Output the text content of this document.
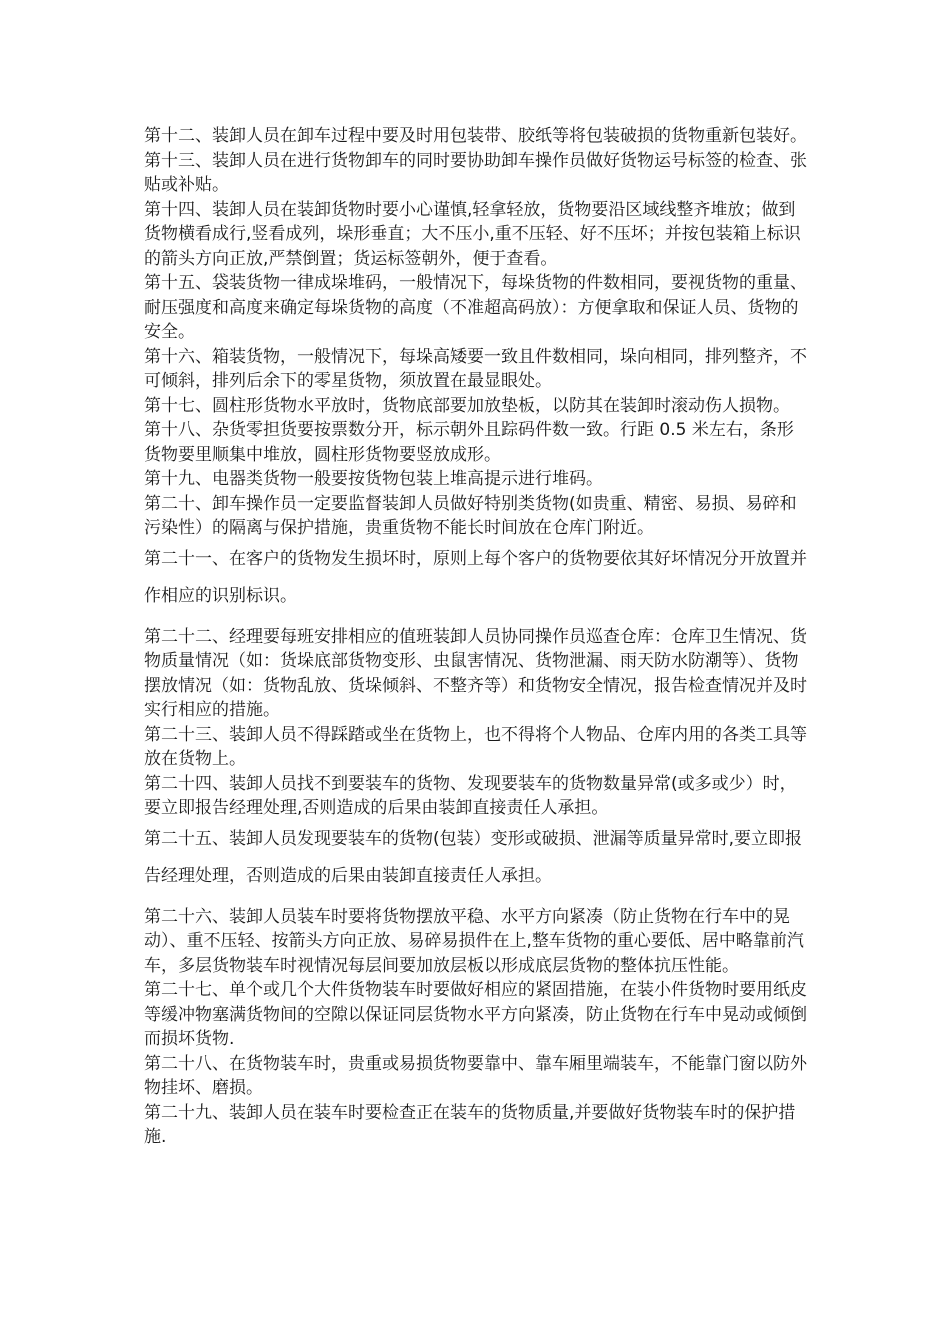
第十二、装卸人员在卸车过程中要及时用包装带、胶纸等将包装破损的货物重新包装好。

第十三、装卸人员在进行货物卸车的同时要协助卸车操作员做好货物运号标签的检查、张贴或补贴。

第十四、装卸人员在装卸货物时要小心谨慎,轻拿轻放，货物要沿区域线整齐堆放；做到货物横看成行,竖看成列，垛形垂直；大不压小,重不压轻、好不压坏；并按包装箱上标识的箭头方向正放,严禁倒置；货运标签朝外，便于查看。

第十五、袋装货物一律成垛堆码，一般情况下，每垛货物的件数相同，要视货物的重量、耐压强度和高度来确定每垛货物的高度（不准超高码放）：方便拿取和保证人员、货物的安全。

第十六、箱装货物，一般情况下，每垛高矮要一致且件数相同，垛向相同，排列整齐，不可倾斜，排列后余下的零星货物，须放置在最显眼处。

第十七、圆柱形货物水平放时，货物底部要加放垫板，以防其在装卸时滚动伤人损物。

第十八、杂货零担货要按票数分开，标示朝外且踪码件数一致。行距 0.5 米左右，条形货物要里顺集中堆放，圆柱形货物要竖放成形。

第十九、电器类货物一般要按货物包装上堆高提示进行堆码。

第二十、卸车操作员一定要监督装卸人员做好特别类货物(如贵重、精密、易损、易碎和污染性）的隔离与保护措施，贵重货物不能长时间放在仓库门附近。

第二十一、在客户的货物发生损坏时，原则上每个客户的货物要依其好坏情况分开放置并作相应的识别标识。

第二十二、经理要每班安排相应的值班装卸人员协同操作员巡查仓库：仓库卫生情况、货物质量情况（如：货垛底部货物变形、虫鼠害情况、货物泄漏、雨天防水防潮等）、货物摆放情况（如：货物乱放、货垛倾斜、不整齐等）和货物安全情况，报告检查情况并及时实行相应的措施。

第二十三、装卸人员不得踩踏或坐在货物上，也不得将个人物品、仓库内用的各类工具等放在货物上。

第二十四、装卸人员找不到要装车的货物、发现要装车的货物数量异常(或多或少）时，要立即报告经理处理,否则造成的后果由装卸直接责任人承担。

第二十五、装卸人员发现要装车的货物(包装）变形或破损、泄漏等质量异常时,要立即报告经理处理，否则造成的后果由装卸直接责任人承担。

第二十六、装卸人员装车时要将货物摆放平稳、水平方向紧凑（防止货物在行车中的晃动）、重不压轻、按箭头方向正放、易碎易损件在上,整车货物的重心要低、居中略靠前汽车，多层货物装车时视情况每层间要加放层板以形成底层货物的整体抗压性能。

第二十七、单个或几个大件货物装车时要做好相应的紧固措施，在装小件货物时要用纸皮等缓冲物塞满货物间的空隙以保证同层货物水平方向紧凑，防止货物在行车中晃动或倾倒而损坏货物.

第二十八、在货物装车时，贵重或易损货物要靠中、靠车厢里端装车，不能靠门窗以防外物挂坏、磨损。

第二十九、装卸人员在装车时要检查正在装车的货物质量,并要做好货物装车时的保护措施.
